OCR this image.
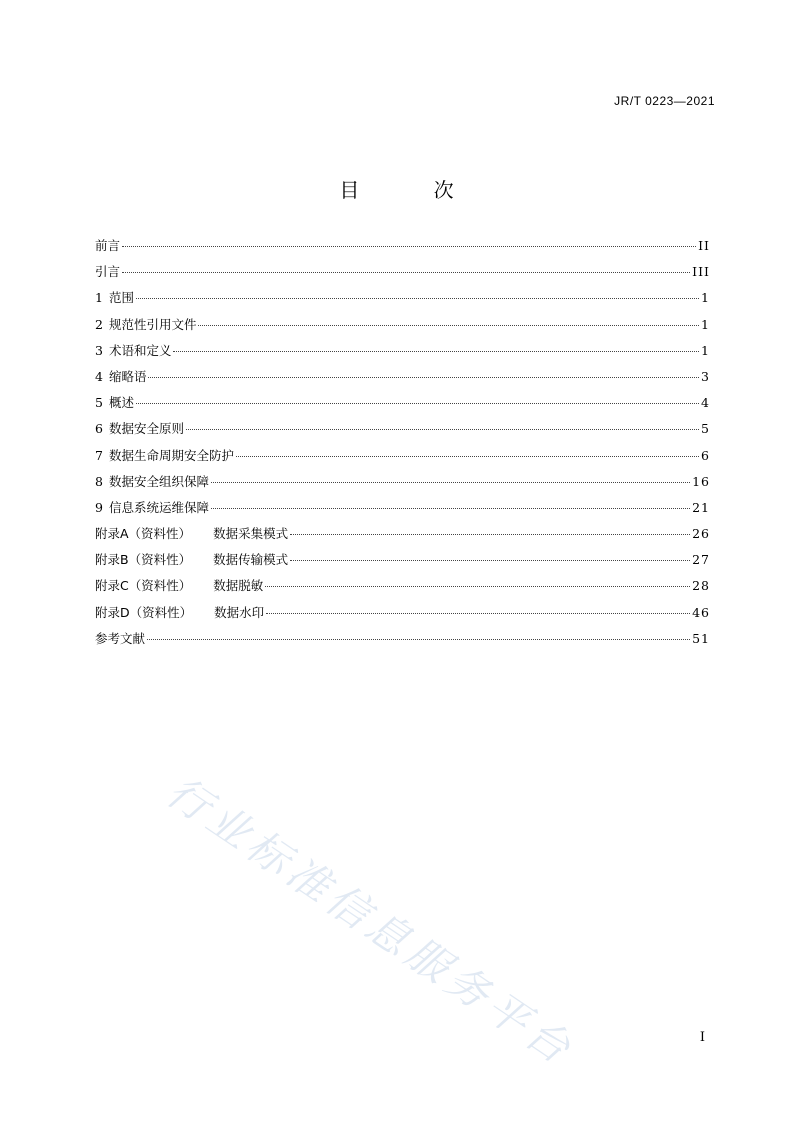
JR/T 0223—2021
目 次
前言	II
引言	III
1 范围	1
2 规范性引用文件	1
3 术语和定义	1
4 缩略语	3
5 概述	4
6 数据安全原则	5
7 数据生命周期安全防护	6
8 数据安全组织保障	16
9 信息系统运维保障	21
附录A（资料性） 数据采集模式	26
附录B（资料性） 数据传输模式	27
附录C（资料性） 数据脱敏	28
附录D（资料性） 数据水印	46
参考文献	51
行业标准信息服务平台	I
